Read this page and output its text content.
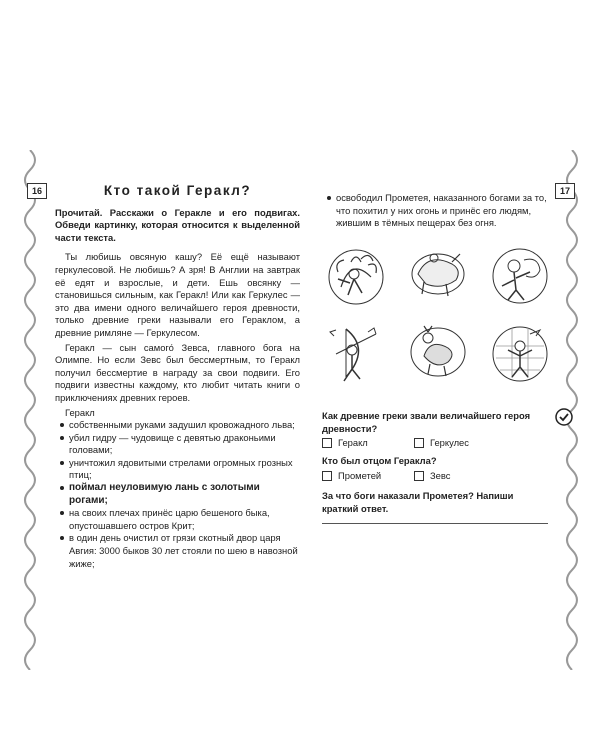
16	17
Кто такой Геракл?

Прочитай. Расскажи о Геракле и его подвигах. Обведи картинку, которая относится к выделенной части текста.

Ты любишь овсяную кашу? Её ещё называют геркулесовой. Не любишь? А зря! В Англии на завтрак её едят и взрослые, и дети. Ешь овсянку — становишься сильным, как Геракл! Или как Геркулес — это два имени одного величайшего героя древности, только древние греки называли его Гераклом, а древние римляне — Геркулесом.

Геракл — сын самого́ Зевса, главного бога на Олимпе. Но если Зевс был бессмертным, то Геракл получил бессмертие в награду за свои подвиги. Его подвиги известны каждому, кто любит читать книги о приключениях древних героев.

Геракл

собственными руками задушил кровожадного льва;
убил гидру — чудовище с девятью драконьими головами;
уничтожил ядовитыми стрелами огромных грозных птиц;
поймал неуловимую лань с золотыми рогами;
на своих плечах принёс царю бешеного быка, опустошавшего остров Крит;
в один день очистил от грязи скотный двор царя Авгия: 3000 быков 30 лет стояли по шею в навозной жиже;

освободил Прометея, наказанного богами за то, что похитил у них огонь и принёс его людям, жившим в тёмных пещерах без огня.

Как древние греки звали величайшего героя древности?
Геракл	Геркулес
Кто был отцом Геракла?
Прометей	Зевс
За что боги наказали Прометея? Напиши краткий ответ.
